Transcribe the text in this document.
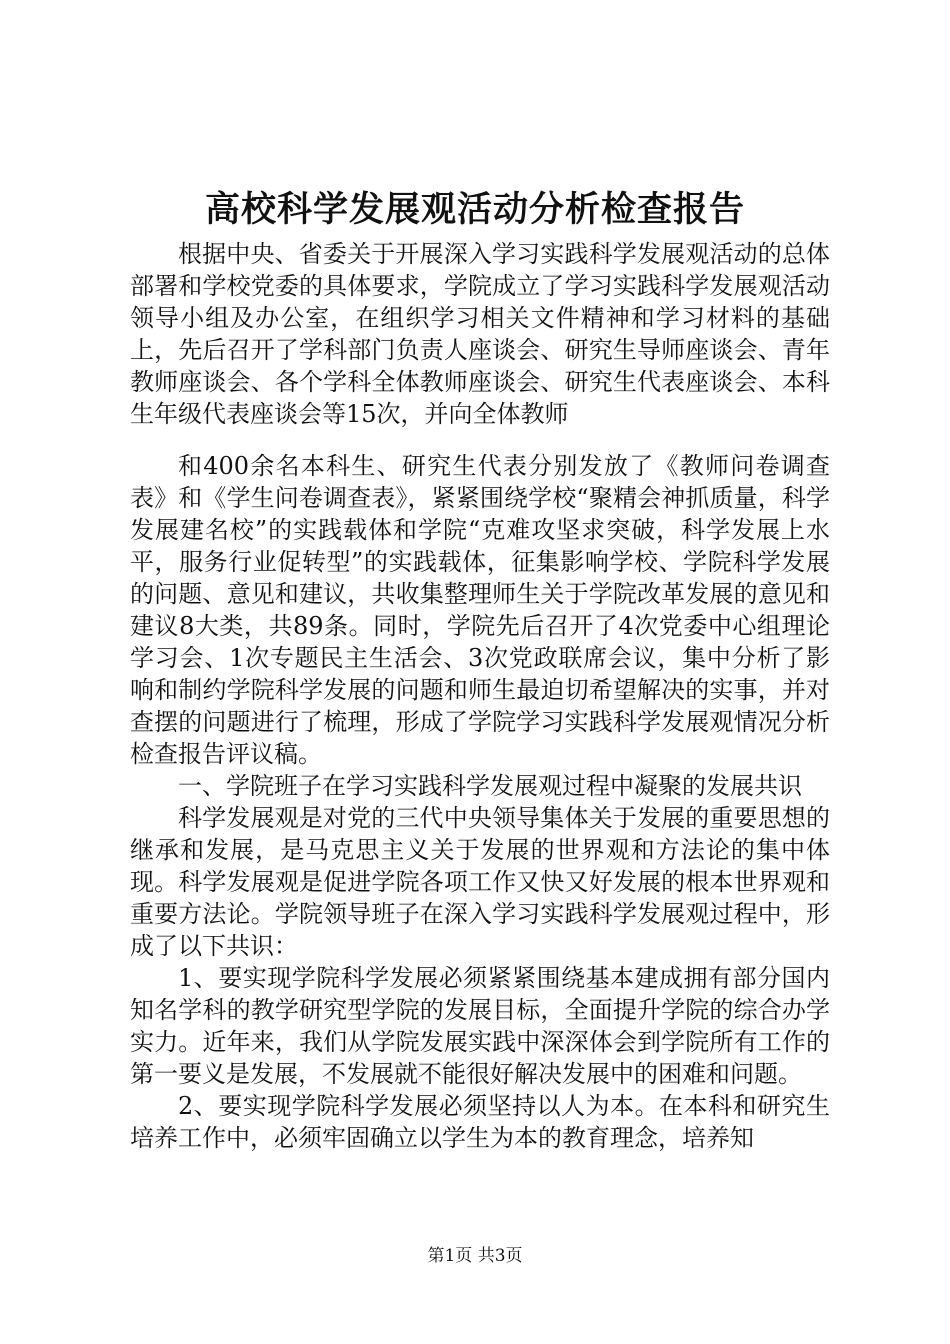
高校科学发展观活动分析检查报告

根据中央、省委关于开展深入学习实践科学发展观活动的总体部署和学校党委的具体要求，学院成立了学习实践科学发展观活动领导小组及办公室，在组织学习相关文件精神和学习材料的基础上，先后召开了学科部门负责人座谈会、研究生导师座谈会、青年教师座谈会、各个学科全体教师座谈会、研究生代表座谈会、本科生年级代表座谈会等15次，并向全体教师

和400余名本科生、研究生代表分别发放了《教师问卷调查表》和《学生问卷调查表》，紧紧围绕学校“聚精会神抓质量，科学发展建名校”的实践载体和学院“克难攻坚求突破，科学发展上水平，服务行业促转型”的实践载体，征集影响学校、学院科学发展的问题、意见和建议，共收集整理师生关于学院改革发展的意见和建议8大类，共89条。同时，学院先后召开了4次党委中心组理论学习会、1次专题民主生活会、3次党政联席会议，集中分析了影响和制约学院科学发展的问题和师生最迫切希望解决的实事，并对查摆的问题进行了梳理，形成了学院学习实践科学发展观情况分析检查报告评议稿。

一、学院班子在学习实践科学发展观过程中凝聚的发展共识

科学发展观是对党的三代中央领导集体关于发展的重要思想的继承和发展，是马克思主义关于发展的世界观和方法论的集中体现。科学发展观是促进学院各项工作又快又好发展的根本世界观和重要方法论。学院领导班子在深入学习实践科学发展观过程中，形成了以下共识：

1、要实现学院科学发展必须紧紧围绕基本建成拥有部分国内知名学科的教学研究型学院的发展目标，全面提升学院的综合办学实力。近年来，我们从学院发展实践中深深体会到学院所有工作的第一要义是发展，不发展就不能很好解决发展中的困难和问题。

2、要实现学院科学发展必须坚持以人为本。在本科和研究生培养工作中，必须牢固确立以学生为本的教育理念，培养知

第1页 共3页
